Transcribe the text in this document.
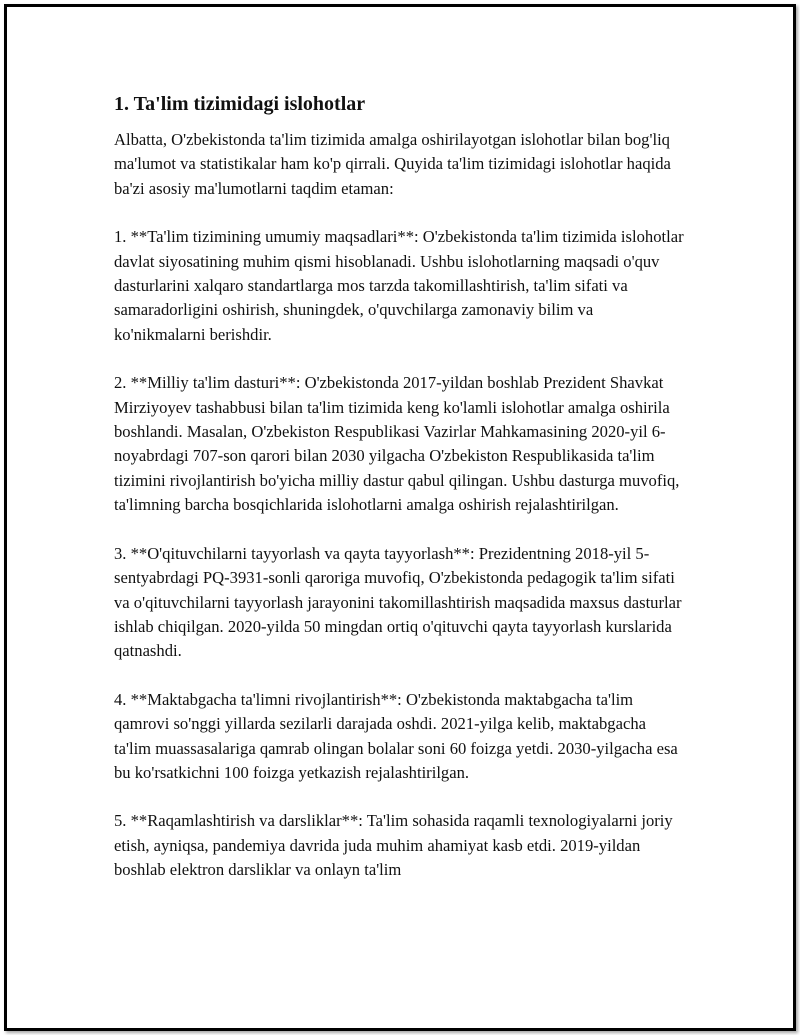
1. Ta'lim tizimidagi islohotlar

Albatta, O'zbekistonda ta'lim tizimida amalga oshirilayotgan islohotlar bilan bog'liq ma'lumot va statistikalar ham ko'p qirrali. Quyida ta'lim tizimidagi islohotlar haqida ba'zi asosiy ma'lumotlarni taqdim etaman:

1. **Ta'lim tizimining umumiy maqsadlari**: O'zbekistonda ta'lim tizimida islohotlar davlat siyosatining muhim qismi hisoblanadi. Ushbu islohotlarning maqsadi o'quv dasturlarini xalqaro standartlarga mos tarzda takomillashtirish, ta'lim sifati va samaradorligini oshirish, shuningdek, o'quvchilarga zamonaviy bilim va ko'nikmalarni berishdir.

2. **Milliy ta'lim dasturi**: O'zbekistonda 2017-yildan boshlab Prezident Shavkat Mirziyoyev tashabbusi bilan ta'lim tizimida keng ko'lamli islohotlar amalga oshirila boshlandi. Masalan, O'zbekiston Respublikasi Vazirlar Mahkamasining 2020-yil 6-noyabrdagi 707-son qarori bilan 2030 yilgacha O'zbekiston Respublikasida ta'lim tizimini rivojlantirish bo'yicha milliy dastur qabul qilingan. Ushbu dasturga muvofiq, ta'limning barcha bosqichlarida islohotlarni amalga oshirish rejalashtirilgan.

3. **O'qituvchilarni tayyorlash va qayta tayyorlash**: Prezidentning 2018-yil 5-sentyabrdagi PQ-3931-sonli qaroriga muvofiq, O'zbekistonda pedagogik ta'lim sifati va o'qituvchilarni tayyorlash jarayonini takomillashtirish maqsadida maxsus dasturlar ishlab chiqilgan. 2020-yilda 50 mingdan ortiq o'qituvchi qayta tayyorlash kurslarida qatnashdi.

4. **Maktabgacha ta'limni rivojlantirish**: O'zbekistonda maktabgacha ta'lim qamrovi so'nggi yillarda sezilarli darajada oshdi. 2021-yilga kelib, maktabgacha ta'lim muassasalariga qamrab olingan bolalar soni 60 foizga yetdi. 2030-yilgacha esa bu ko'rsatkichni 100 foizga yetkazish rejalashtirilgan.

5. **Raqamlashtirish va darsliklar**: Ta'lim sohasida raqamli texnologiyalarni joriy etish, ayniqsa, pandemiya davrida juda muhim ahamiyat kasb etdi. 2019-yildan boshlab elektron darsliklar va onlayn ta'lim
